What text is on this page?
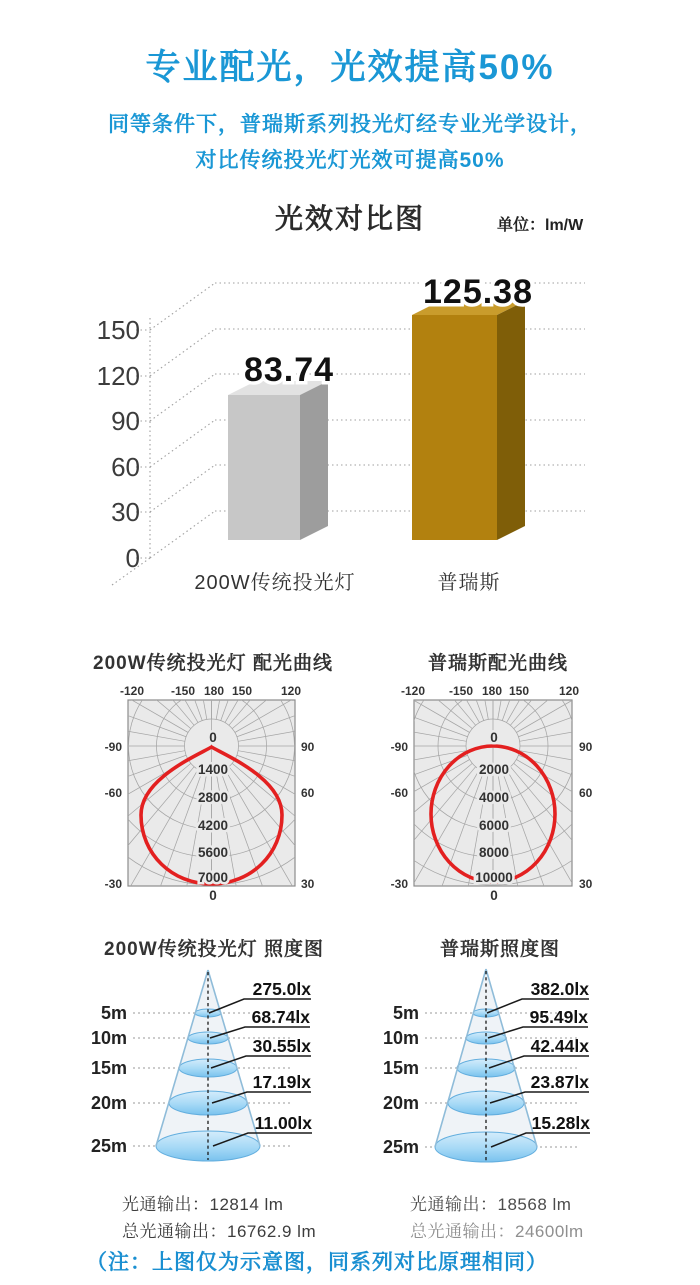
专业配光，光效提高50%
同等条件下，普瑞斯系列投光灯经专业光学设计，
对比传统投光灯光效可提高50%
光效对比图	单位：lm/W
200W传统投光灯 配光曲线	普瑞斯配光曲线
200W传统投光灯 照度图	普瑞斯照度图
光通输出：12814 lm
总光通输出：16762.9 lm
光通输出：18568 lm
总光通输出：24600lm
（注：上图仅为示意图，同系列对比原理相同）
150
120
90
60
30
0
83.74
125.38
200W传统投光灯	普瑞斯
-120 -150 180 150 120
-90
-60
-30
90
60
30
0
1400
2800
4200
5600
7000
0
-120 -150 180 150 120
-90
-60
-30
90
60
30
0
2000
4000
6000
8000
10000
0
5m
10m
15m
20m
25m
275.0lx
68.74lx
30.55lx
17.19lx
11.00lx
5m
10m
15m
20m
25m
382.0lx
95.49lx
42.44lx
23.87lx
15.28lx
